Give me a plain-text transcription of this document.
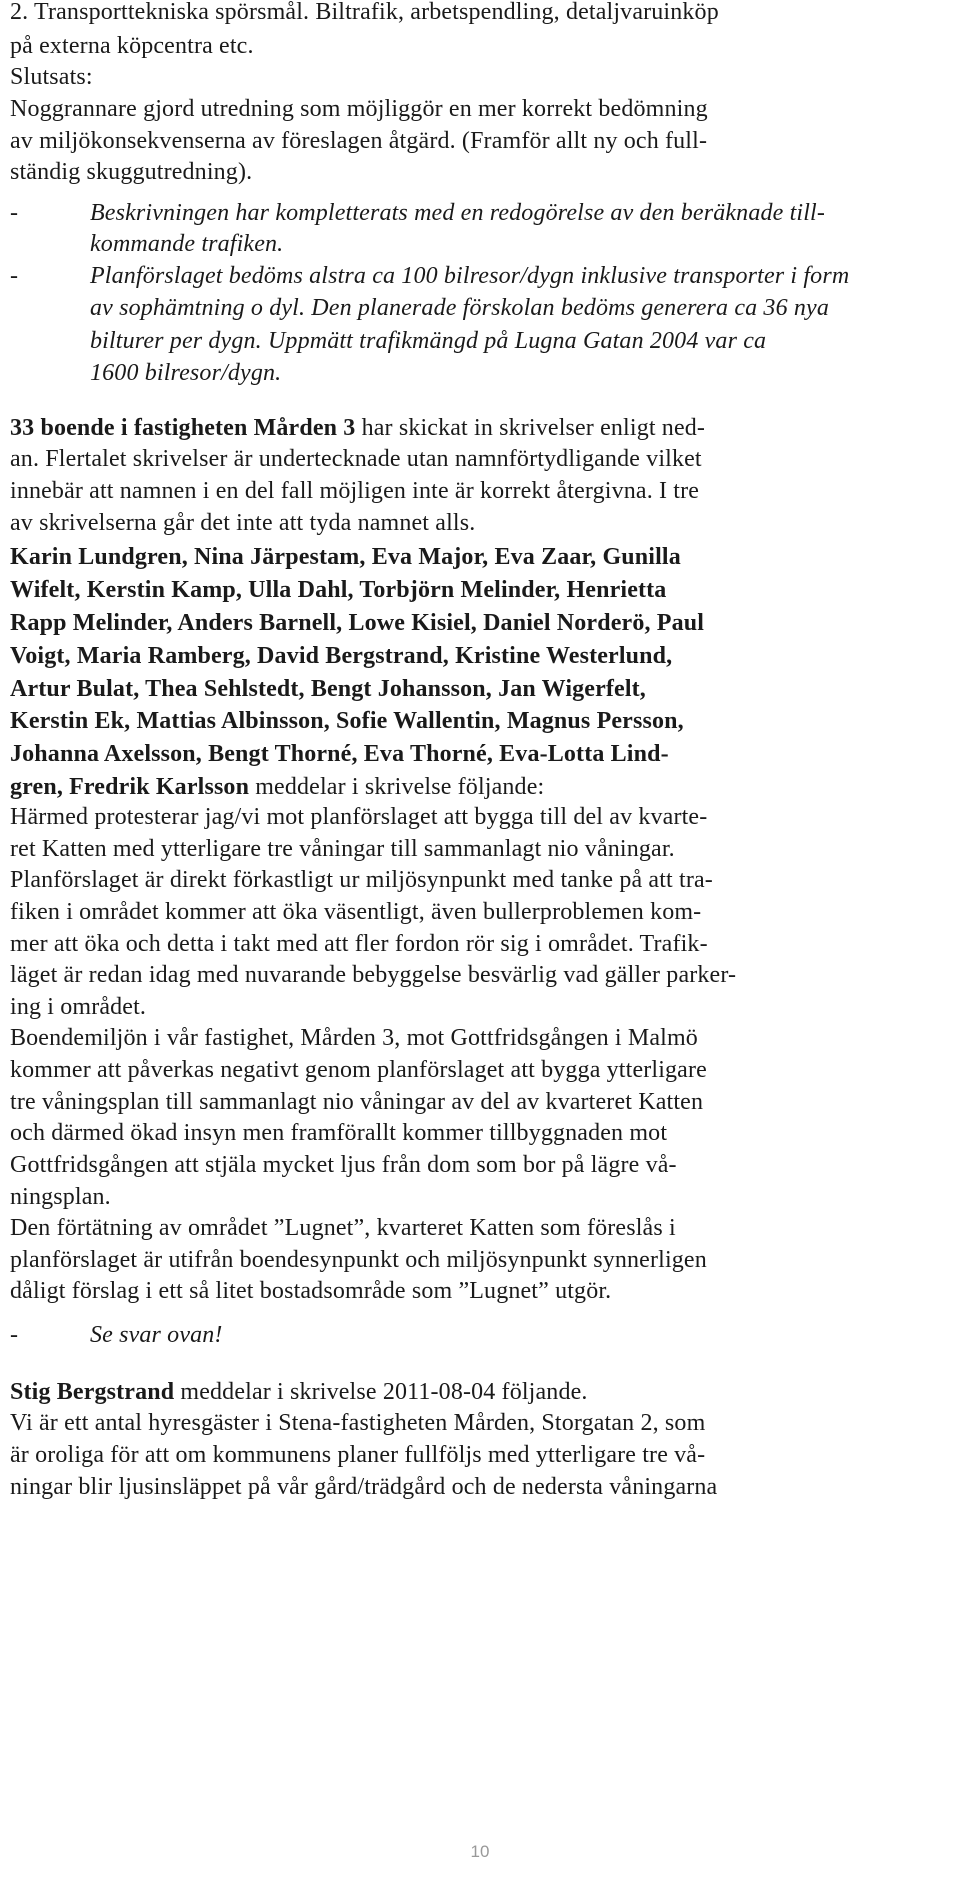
2. Transporttekniska spörsmål. Biltrafik, arbetspendling, detaljvaruinköp
på externa köpcentra etc.
Slutsats:
Noggrannare gjord utredning som möjliggör en mer korrekt bedömning
av miljökonsekvenserna av föreslagen åtgärd. (Framför allt ny och full-
ständig skuggutredning).
-	Beskrivningen har kompletterats med en redogörelse av den beräknade till-
kommande trafiken.
-	Planförslaget bedöms alstra ca 100 bilresor/dygn inklusive transporter i form
av sophämtning o dyl. Den planerade förskolan bedöms generera ca 36 nya
bilturer per dygn. Uppmätt trafikmängd på Lugna Gatan 2004 var ca
1600 bilresor/dygn.
33 boende i fastigheten Mården 3 har skickat in skrivelser enligt ned-
an. Flertalet skrivelser är undertecknade utan namnförtydligande vilket
innebär att namnen i en del fall möjligen inte är korrekt återgivna. I tre
av skrivelserna går det inte att tyda namnet alls.
Karin Lundgren, Nina Järpestam, Eva Major, Eva Zaar, Gunilla
Wifelt, Kerstin Kamp, Ulla Dahl, Torbjörn Melinder, Henrietta
Rapp Melinder, Anders Barnell, Lowe Kisiel, Daniel Norderö, Paul
Voigt, Maria Ramberg, David Bergstrand, Kristine Westerlund,
Artur Bulat, Thea Sehlstedt, Bengt Johansson, Jan Wigerfelt,
Kerstin Ek, Mattias Albinsson, Sofie Wallentin, Magnus Persson,
Johanna Axelsson, Bengt Thorné, Eva Thorné, Eva-Lotta Lind-
gren, Fredrik Karlsson meddelar i skrivelse följande:
Härmed protesterar jag/vi mot planförslaget att bygga till del av kvarte-
ret Katten med ytterligare tre våningar till sammanlagt nio våningar.
Planförslaget är direkt förkastligt ur miljösynpunkt med tanke på att tra-
fiken i området kommer att öka väsentligt, även bullerproblemen kom-
mer att öka och detta i takt med att fler fordon rör sig i området. Trafik-
läget är redan idag med nuvarande bebyggelse besvärlig vad gäller parker-
ing i området.
Boendemiljön i vår fastighet, Mården 3, mot Gottfridsgången i Malmö
kommer att påverkas negativt genom planförslaget att bygga ytterligare
tre våningsplan till sammanlagt nio våningar av del av kvarteret Katten
och därmed ökad insyn men framförallt kommer tillbyggnaden mot
Gottfridsgången att stjäla mycket ljus från dom som bor på lägre vå-
ningsplan.
Den förtätning av området ”Lugnet”, kvarteret Katten som föreslås i
planförslaget är utifrån boendesynpunkt och miljösynpunkt synnerligen
dåligt förslag i ett så litet bostadsområde som ”Lugnet” utgör.
-	Se svar ovan!
Stig Bergstrand meddelar i skrivelse 2011-08-04 följande.
Vi är ett antal hyresgäster i Stena-fastigheten Mården, Storgatan 2, som
är oroliga för att om kommunens planer fullföljs med ytterligare tre vå-
ningar blir ljusinsläppet på vår gård/trädgård och de nedersta våningarna
10
